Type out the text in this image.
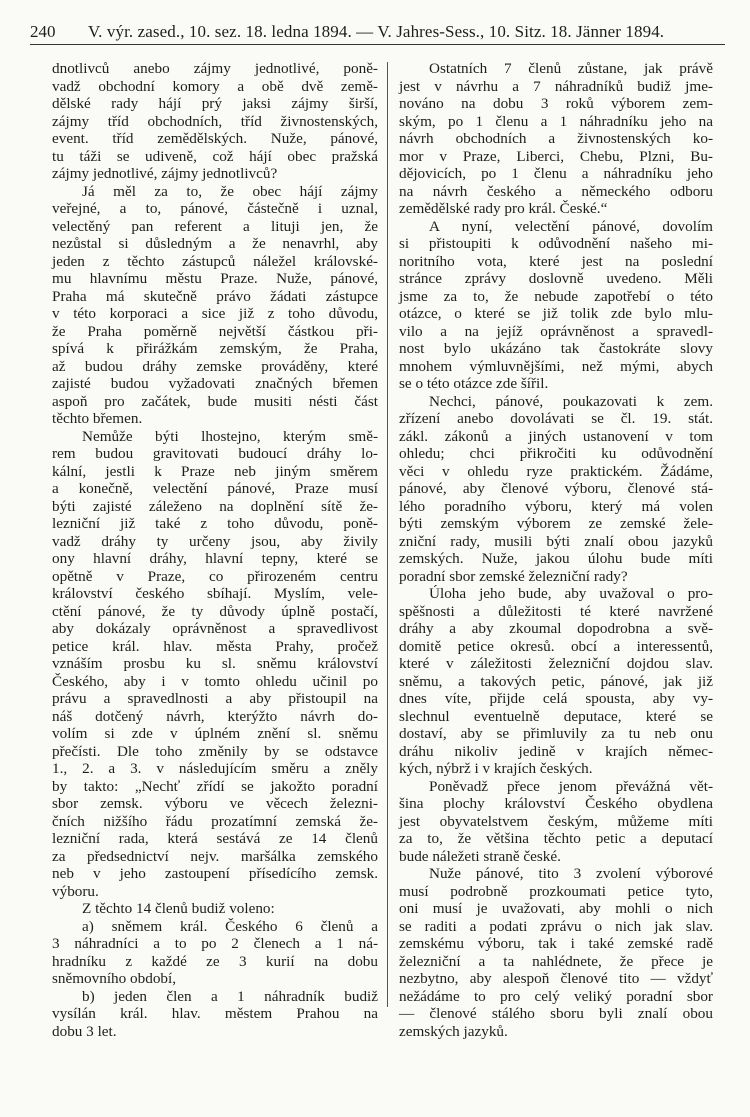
240 V. výr. zased., 10. sez. 18. ledna 1894. — V. Jahres-Sess., 10. Sitz. 18. Jänner 1894.
dnotlivců anebo zájmy jednotlivé, poně-
vadž obchodní komory a obě dvě země-
dělské rady hájí prý jaksi zájmy širší,
zájmy tříd obchodních, tříd živnostenských,
event. tříd zemědělských. Nuže, pánové,
tu táži se udiveně, což hájí obec pražská
zájmy jednotlivé, zájmy jednotlivců?
Já měl za to, že obec hájí zájmy
veřejné, a to, pánové, částečně i uznal,
velectěný pan referent a lituji jen, že
nezůstal si důsledným a že nenavrhl, aby
jeden z těchto zástupců náležel královské-
mu hlavnímu městu Praze. Nuže, pánové,
Praha má skutečně právo žádati zástupce
v této korporaci a sice již z toho důvodu,
že Praha poměrně největší částkou při-
spívá k přirážkám zemským, že Praha,
až budou dráhy zemske prováděny, které
zajisté budou vyžadovati značných břemen
aspoň pro začátek, bude musiti nésti část
těchto břemen.
Nemůže býti lhostejno, kterým smě-
rem budou gravitovati budoucí dráhy lo-
kální, jestli k Praze neb jiným směrem
a konečně, velectění pánové, Praze musí
býti zajisté záleženo na doplnění sítě že-
lezniční již také z toho důvodu, poně-
vadž dráhy ty určeny jsou, aby živily
ony hlavní dráhy, hlavní tepny, které se
opětně v Praze, co přirozeném centru
království českého sbíhají. Myslím, vele-
ctění pánové, že ty důvody úplně postačí,
aby dokázaly oprávněnost a spravedlivost
petice král. hlav. města Prahy, pročež
vznáším prosbu ku sl. sněmu království
Českého, aby i v tomto ohledu učinil po
právu a spravedlnosti a aby přistoupil na
náš dotčený návrh, kterýžto návrh do-
volím si zde v úplném znění sl. sněmu
přečísti. Dle toho změnily by se odstavce
1., 2. a 3. v následujícím směru a zněly
by takto: „Nechť zřídí se jakožto poradní
sbor zemsk. výboru ve věcech železni-
čních nižšího řádu prozatímní zemská že-
lezniční rada, která sestává ze 14 členů
za předsednictví nejv. maršálka zemského
neb v jeho zastoupení přísedícího zemsk.
výboru.
Z těchto 14 členů budiž voleno:
a) sněmem král. Českého 6 členů a
3 náhradníci a to po 2 členech a 1 ná-
hradníku z každé ze 3 kurií na dobu
sněmovního období,
b) jeden člen a 1 náhradník budiž
vysílán král. hlav. městem Prahou na
dobu 3 let.
Ostatních 7 členů zůstane, jak právě
jest v návrhu a 7 náhradníků budiž jme-
nováno na dobu 3 roků výborem zem-
ským, po 1 členu a 1 náhradníku jeho na
návrh obchodních a živnostenských ko-
mor v Praze, Liberci, Chebu, Plzni, Bu-
dějovicích, po 1 členu a náhradníku jeho
na návrh českého a německého odboru
zemědělské rady pro král. České.“
A nyní, velectění pánové, dovolím
si přistoupiti k odůvodnění našeho mi-
noritního vota, které jest na poslední
stránce zprávy doslovně uvedeno. Měli
jsme za to, že nebude zapotřebí o této
otázce, o které se již tolik zde bylo mlu-
vilo a na jejíž oprávněnost a spravedl-
nost bylo ukázáno tak častokráte slovy
mnohem výmluvnějšími, než mými, abych
se o této otázce zde šířil.
Nechci, pánové, poukazovati k zem.
zřízení anebo dovolávati se čl. 19. stát.
zákl. zákonů a jiných ustanovení v tom
ohledu; chci přikročiti ku odůvodnění
věci v ohledu ryze praktickém. Žádáme,
pánové, aby členové výboru, členové stá-
lého poradního výboru, který má volen
býti zemským výborem ze zemské žele-
zniční rady, musili býti znalí obou jazyků
zemských. Nuže, jakou úlohu bude míti
poradní sbor zemské železniční rady?
Úloha jeho bude, aby uvažoval o pro-
spěšnosti a důležitosti té které navržené
dráhy a aby zkoumal dopodrobna a svě-
domitě petice okresů. obcí a interessentů,
které v záležitosti železniční dojdou slav.
sněmu, a takových petic, pánové, jak již
dnes víte, přijde celá spousta, aby vy-
slechnul eventuelně deputace, které se
dostaví, aby se přimluvily za tu neb onu
dráhu nikoliv jedině v krajích němec-
kých, nýbrž i v krajích českých.
Poněvadž přece jenom převážná vět-
šina plochy království Českého obydlena
jest obyvatelstvem českým, můžeme míti
za to, že většina těchto petic a deputací
bude náležeti straně české.
Nuže pánové, tito 3 zvolení výborové
musí podrobně prozkoumati petice tyto,
oni musí je uvažovati, aby mohli o nich
se raditi a podati zprávu o nich jak slav.
zemskému výboru, tak i také zemské radě
železniční a ta nahlédnete, že přece je
nezbytno, aby alespoň členové tito — vždyť
nežádáme to pro celý veliký poradní sbor
— členové stálého sboru byli znalí obou
zemských jazyků.
